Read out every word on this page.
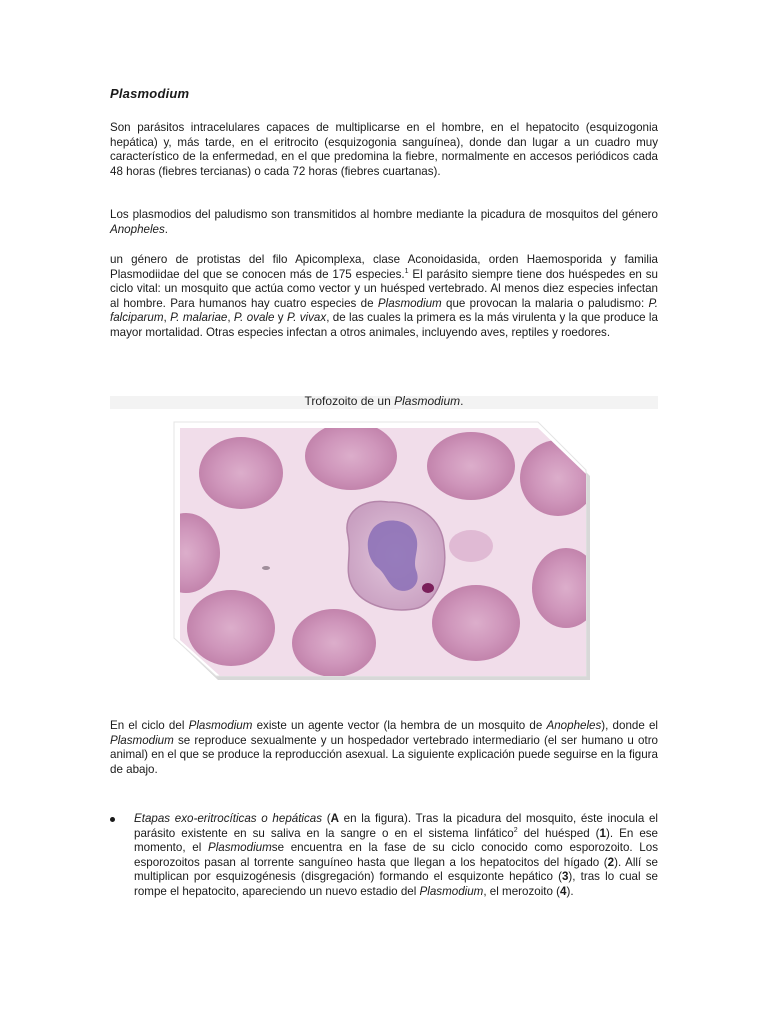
Plasmodium

Son parásitos intracelulares capaces de multiplicarse en el hombre, en el hepatocito (esquizogonia hepática) y, más tarde, en el eritrocito (esquizogonia sanguínea), donde dan lugar a un cuadro muy característico de la enfermedad, en el que predomina la fiebre, normalmente en accesos periódicos cada 48 horas (fiebres tercianas) o cada 72 horas (fiebres cuartanas).

Los plasmodios del paludismo son transmitidos al hombre mediante la picadura de mosquitos del género Anopheles.

un género de protistas del filo Apicomplexa, clase Aconoidasida, orden Haemosporida y familia Plasmodiidae del que se conocen más de 175 especies.$^1$ El parásito siempre tiene dos huéspedes en su ciclo vital: un mosquito que actúa como vector y un huésped vertebrado. Al menos diez especies infectan al hombre. Para humanos hay cuatro especies de Plasmodium que provocan la malaria o paludismo: P. falciparum, P. malariae, P. ovale y P. vivax, de las cuales la primera es la más virulenta y la que produce la mayor mortalidad. Otras especies infectan a otros animales, incluyendo aves, reptiles y roedores.

Trofozoito de un Plasmodium.

En el ciclo del Plasmodium existe un agente vector (la hembra de un mosquito de Anopheles), donde el Plasmodium se reproduce sexualmente y un hospedador vertebrado intermediario (el ser humano u otro animal) en el que se produce la reproducción asexual. La siguiente explicación puede seguirse en la figura de abajo.

Etapas exo-eritrocíticas o hepáticas (A en la figura). Tras la picadura del mosquito, éste inocula el parásito existente en su saliva en la sangre o en el sistema linfático$^2$ del huésped (1). En ese momento, el Plasmodiumse encuentra en la fase de su ciclo conocido como esporozoito. Los esporozoitos pasan al torrente sanguíneo hasta que llegan a los hepatocitos del hígado (2). Allí se multiplican por esquizogénesis (disgregación) formando el esquizonte hepático (3), tras lo cual se rompe el hepatocito, apareciendo un nuevo estadio del Plasmodium, el merozoito (4).
